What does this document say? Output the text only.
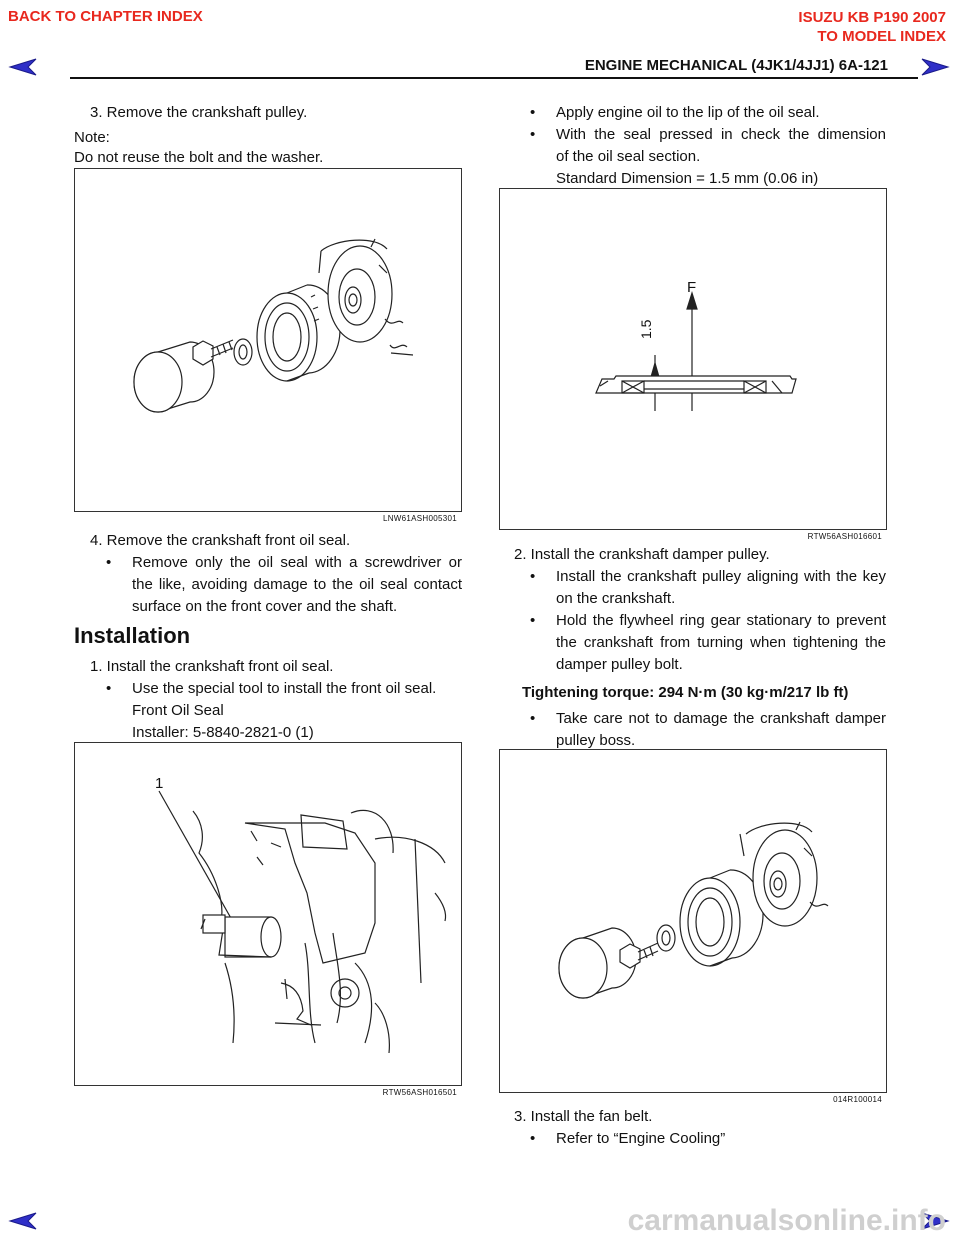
BACK TO CHAPTER INDEX	ISUZU KB P190 2007
TO MODEL INDEX
ENGINE MECHANICAL (4JK1/4JJ1) 6A-121
3. Remove the crankshaft pulley.
Note:
Do not reuse the bolt and the washer.
LNW61ASH005301
4. Remove the crankshaft front oil seal.
• Remove only the oil seal with a screwdriver or the like, avoiding damage to the oil seal contact surface on the front cover and the shaft.
Installation
1. Install the crankshaft front oil seal.
• Use the special tool to install the front oil seal.
Front Oil Seal
Installer: 5-8840-2821-0 (1)
1
RTW56ASH016501
• Apply engine oil to the lip of the oil seal.
• With the seal pressed in check the dimension
of the oil seal section.
Standard Dimension = 1.5 mm (0.06 in)
F
1.5
RTW56ASH016601
2. Install the crankshaft damper pulley.
• Install the crankshaft pulley aligning with the key on the crankshaft.
• Hold the flywheel ring gear stationary to prevent the crankshaft from turning when tightening the damper pulley bolt.
Tightening torque: 294 N·m (30 kg·m/217 lb ft)
• Take care not to damage the crankshaft damper pulley boss.
014R100014
3. Install the fan belt.
• Refer to “Engine Cooling”
carmanualsonline.info
